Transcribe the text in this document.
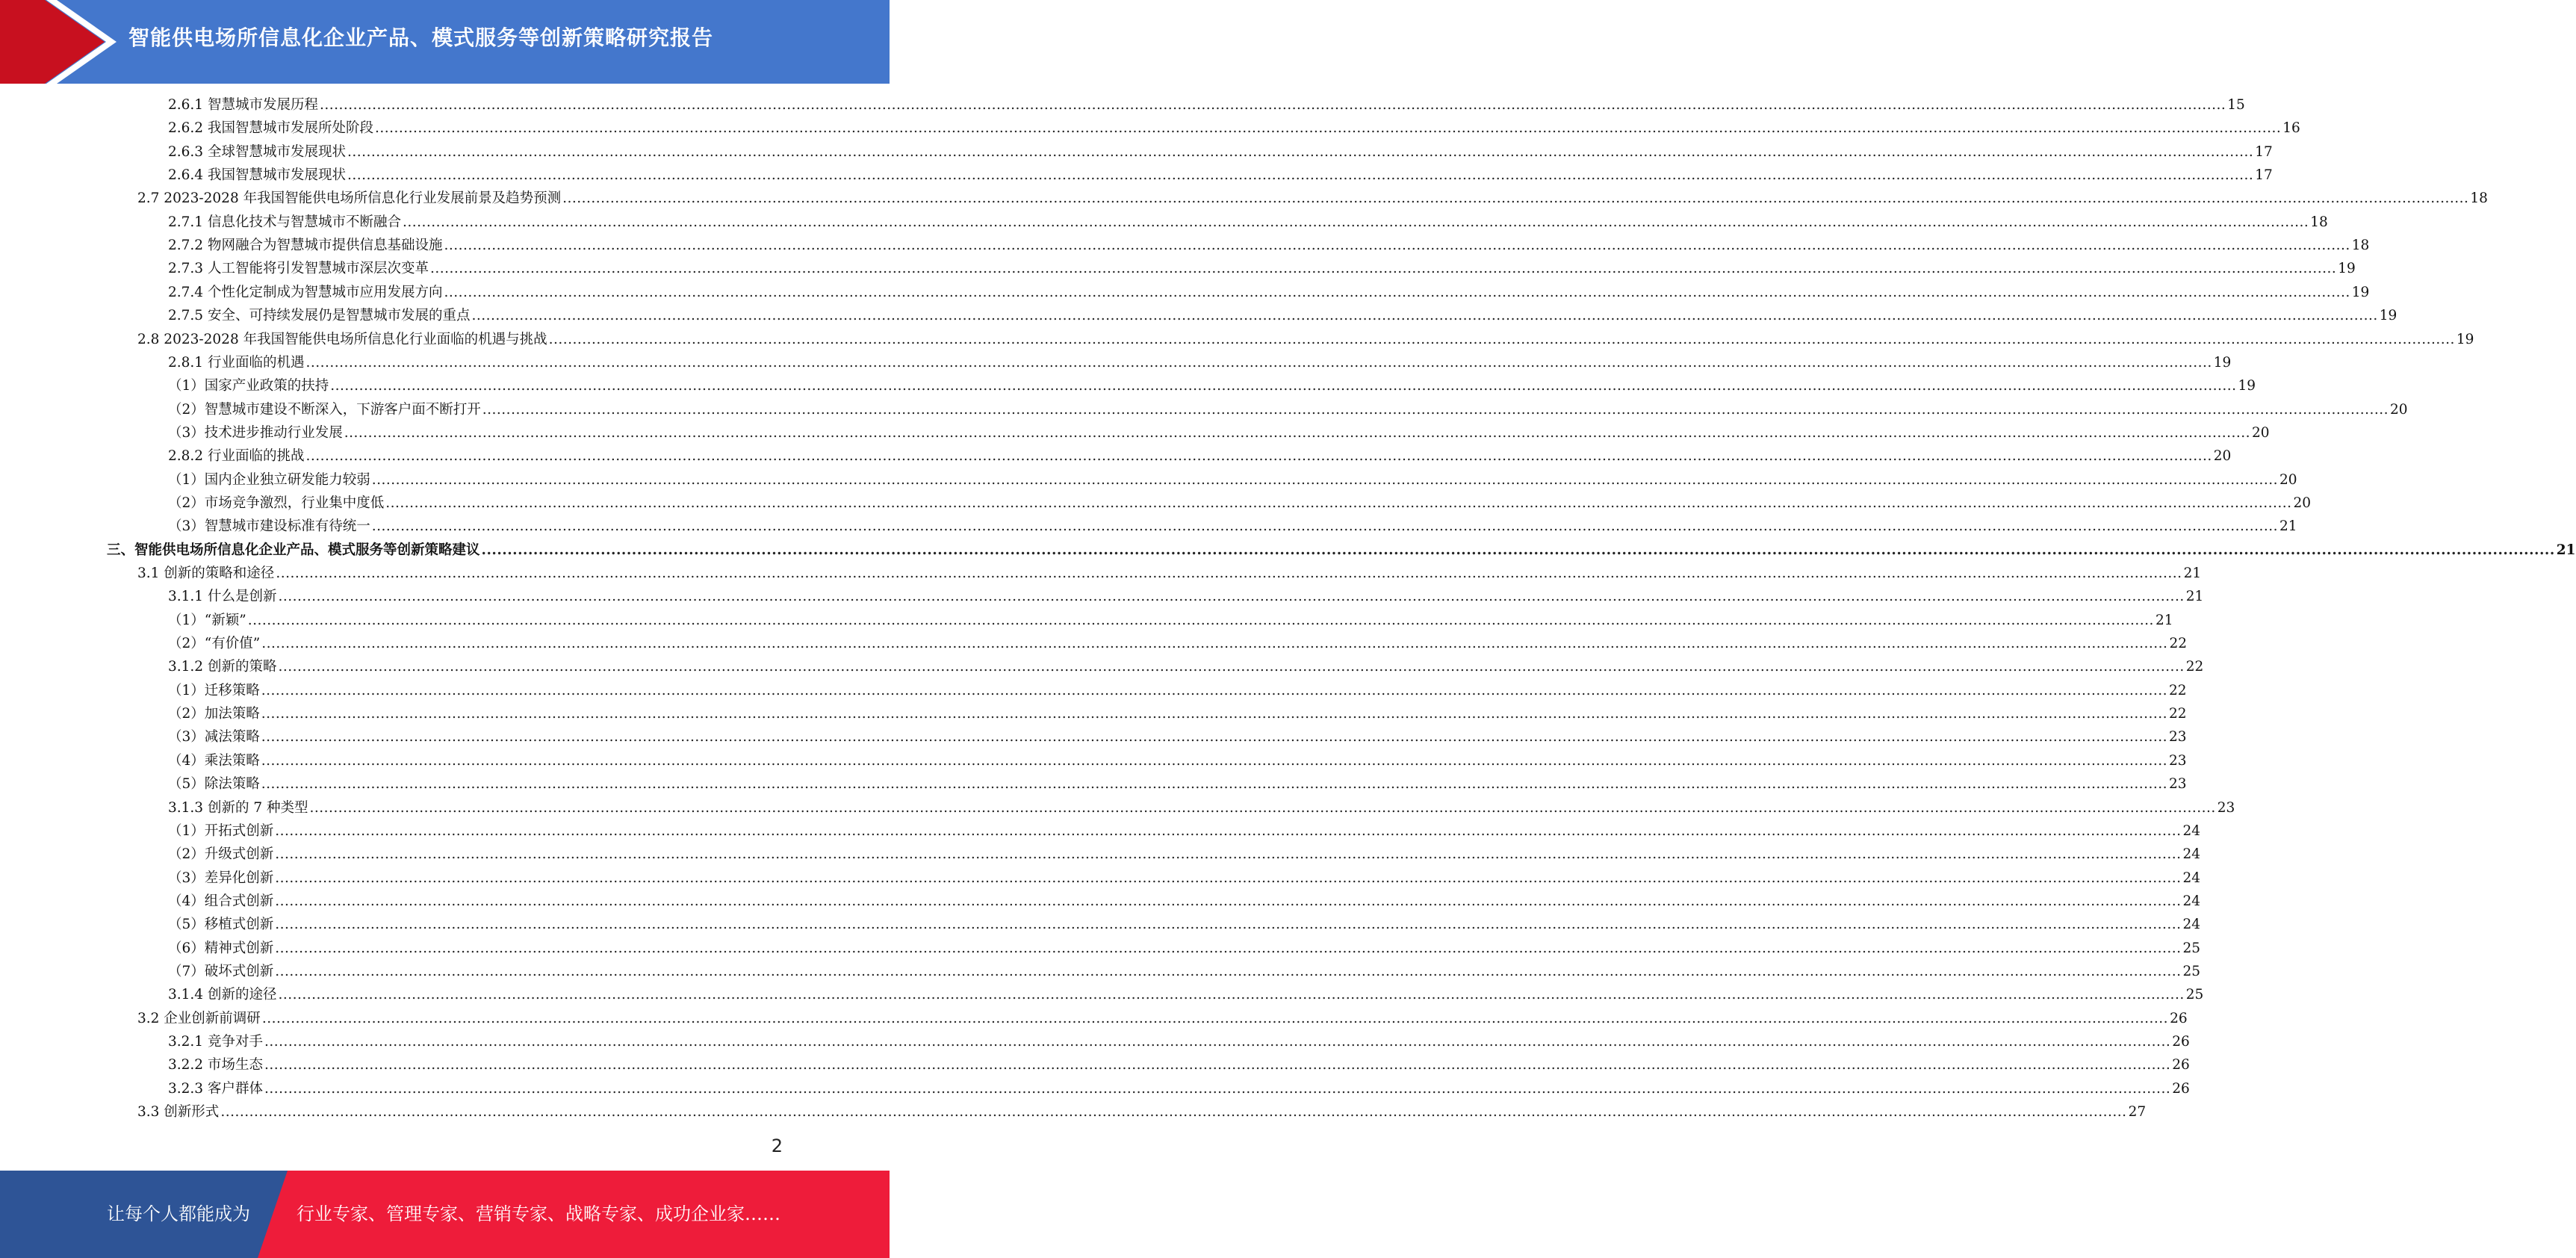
智能供电场所信息化企业产品、模式服务等创新策略研究报告
2.6.1 智慧城市发展历程 ................................................................................................................................................................................................................................................................................................................................................................................................................ 15
2.6.2 我国智慧城市发展所处阶段 ................................................................................................................................................................................................................................................................................................................................................................................................................ 16
2.6.3 全球智慧城市发展现状 ................................................................................................................................................................................................................................................................................................................................................................................................................ 17
2.6.4 我国智慧城市发展现状 ................................................................................................................................................................................................................................................................................................................................................................................................................ 17
2.7 2023-2028 年我国智能供电场所信息化行业发展前景及趋势预测 ................................................................................................................................................................................................................................................................................................................................................................................................................ 18
2.7.1 信息化技术与智慧城市不断融合 ................................................................................................................................................................................................................................................................................................................................................................................................................ 18
2.7.2 物网融合为智慧城市提供信息基础设施 ................................................................................................................................................................................................................................................................................................................................................................................................................ 18
2.7.3 人工智能将引发智慧城市深层次变革 ................................................................................................................................................................................................................................................................................................................................................................................................................ 19
2.7.4 个性化定制成为智慧城市应用发展方向 ................................................................................................................................................................................................................................................................................................................................................................................................................ 19
2.7.5 安全、可持续发展仍是智慧城市发展的重点 ................................................................................................................................................................................................................................................................................................................................................................................................................ 19
2.8 2023-2028 年我国智能供电场所信息化行业面临的机遇与挑战 ................................................................................................................................................................................................................................................................................................................................................................................................................ 19
2.8.1 行业面临的机遇 ................................................................................................................................................................................................................................................................................................................................................................................................................ 19
（1）国家产业政策的扶持 ................................................................................................................................................................................................................................................................................................................................................................................................................ 19
（2）智慧城市建设不断深入，下游客户面不断打开 ................................................................................................................................................................................................................................................................................................................................................................................................................ 20
（3）技术进步推动行业发展 ................................................................................................................................................................................................................................................................................................................................................................................................................ 20
2.8.2 行业面临的挑战 ................................................................................................................................................................................................................................................................................................................................................................................................................ 20
（1）国内企业独立研发能力较弱 ................................................................................................................................................................................................................................................................................................................................................................................................................ 20
（2）市场竞争激烈，行业集中度低 ................................................................................................................................................................................................................................................................................................................................................................................................................ 20
（3）智慧城市建设标准有待统一 ................................................................................................................................................................................................................................................................................................................................................................................................................ 21
三、智能供电场所信息化企业产品、模式服务等创新策略建议 ................................................................................................................................................................................................................................................................................................................................................................................................................ 21
3.1 创新的策略和途径 ................................................................................................................................................................................................................................................................................................................................................................................................................ 21
3.1.1 什么是创新 ................................................................................................................................................................................................................................................................................................................................................................................................................ 21
（1）“新颖” ................................................................................................................................................................................................................................................................................................................................................................................................................ 21
（2）“有价值” ................................................................................................................................................................................................................................................................................................................................................................................................................ 22
3.1.2 创新的策略 ................................................................................................................................................................................................................................................................................................................................................................................................................ 22
（1）迁移策略 ................................................................................................................................................................................................................................................................................................................................................................................................................ 22
（2）加法策略 ................................................................................................................................................................................................................................................................................................................................................................................................................ 22
（3）减法策略 ................................................................................................................................................................................................................................................................................................................................................................................................................ 23
（4）乘法策略 ................................................................................................................................................................................................................................................................................................................................................................................................................ 23
（5）除法策略 ................................................................................................................................................................................................................................................................................................................................................................................................................ 23
3.1.3 创新的 7 种类型 ................................................................................................................................................................................................................................................................................................................................................................................................................ 23
（1）开拓式创新 ................................................................................................................................................................................................................................................................................................................................................................................................................ 24
（2）升级式创新 ................................................................................................................................................................................................................................................................................................................................................................................................................ 24
（3）差异化创新 ................................................................................................................................................................................................................................................................................................................................................................................................................ 24
（4）组合式创新 ................................................................................................................................................................................................................................................................................................................................................................................................................ 24
（5）移植式创新 ................................................................................................................................................................................................................................................................................................................................................................................................................ 24
（6）精神式创新 ................................................................................................................................................................................................................................................................................................................................................................................................................ 25
（7）破坏式创新 ................................................................................................................................................................................................................................................................................................................................................................................................................ 25
3.1.4 创新的途径 ................................................................................................................................................................................................................................................................................................................................................................................................................ 25
3.2 企业创新前调研 ................................................................................................................................................................................................................................................................................................................................................................................................................ 26
3.2.1 竞争对手 ................................................................................................................................................................................................................................................................................................................................................................................................................ 26
3.2.2 市场生态 ................................................................................................................................................................................................................................................................................................................................................................................................................ 26
3.2.3 客户群体 ................................................................................................................................................................................................................................................................................................................................................................................................................ 26
3.3 创新形式 ................................................................................................................................................................................................................................................................................................................................................................................................................ 27
2
让每个人都能成为	行业专家、管理专家、营销专家、战略专家、成功企业家……
